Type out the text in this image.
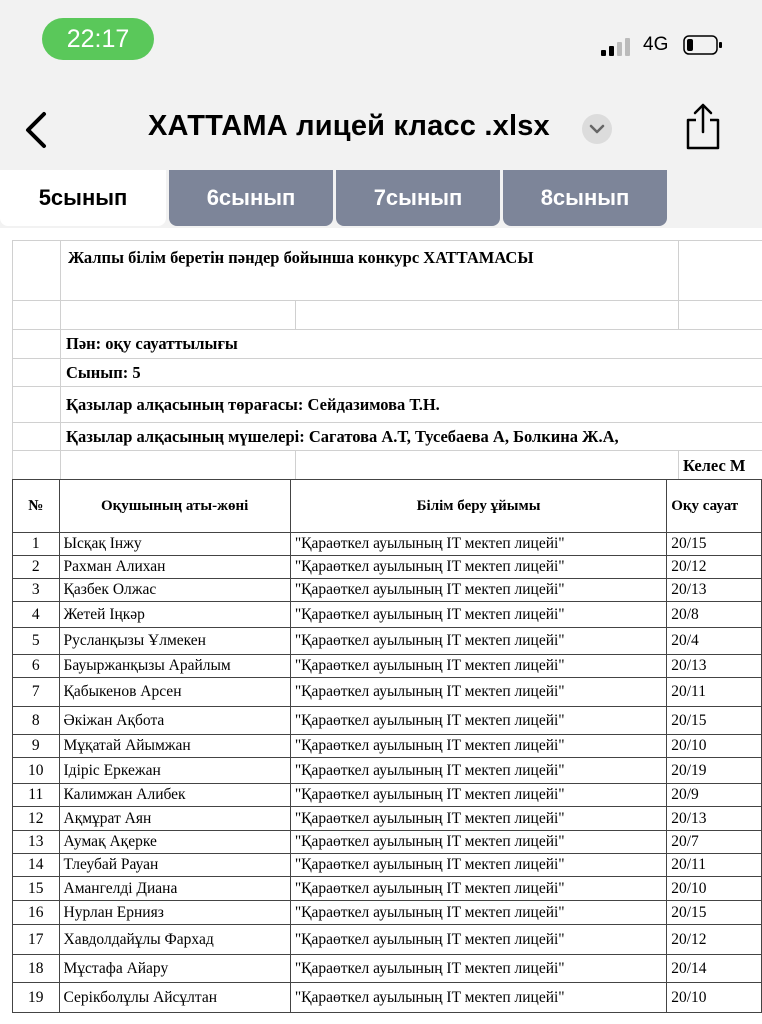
22:17	4G
ХАТТАМА лицей класс .xlsx
5сынып	6сынып	7сынып	8сынып
Жалпы білім беретін пәндер бойынша конкурс ХАТТАМАСЫ
Пән: оқу сауаттылығы
Сынып: 5
Қазылар алқасының төрағасы: Сейдазимова Т.Н.
Қазылар алқасының мүшелері: Сагатова А.Т, Тусебаева А, Болкина Ж.А,
Келес М
№	Оқушының аты-жөні	Білім беру ұйымы	Оқу сауат
1	Ысқақ Інжу	"Қараөткел ауылының IT мектеп лицейі"	20/15
2	Рахман Алихан	"Қараөткел ауылының IT мектеп лицейі"	20/12
3	Қазбек Олжас	"Қараөткел ауылының IT мектеп лицейі"	20/13
4	Жетей Іңкәр	"Қараөткел ауылының IT мектеп лицейі"	20/8
5	Русланқызы Ұлмекен	"Қараөткел ауылының IT мектеп лицейі"	20/4
6	Бауыржанқызы Арайлым	"Қараөткел ауылының IT мектеп лицейі"	20/13
7	Қабыкенов Арсен	"Қараөткел ауылының IT мектеп лицейі"	20/11
8	Әкіжан Ақбота	"Қараөткел ауылының IT мектеп лицейі"	20/15
9	Мұқатай Айымжан	"Қараөткел ауылының IT мектеп лицейі"	20/10
10	Ідіріс Еркежан	"Қараөткел ауылының IT мектеп лицейі"	20/19
11	Калимжан Алибек	"Қараөткел ауылының IT мектеп лицейі"	20/9
12	Ақмұрат Аян	"Қараөткел ауылының IT мектеп лицейі"	20/13
13	Аумақ Ақерке	"Қараөткел ауылының IT мектеп лицейі"	20/7
14	Тлеубай Рауан	"Қараөткел ауылының IT мектеп лицейі"	20/11
15	Амангелді Диана	"Қараөткел ауылының IT мектеп лицейі"	20/10
16	Нурлан Ернияз	"Қараөткел ауылының IT мектеп лицейі"	20/15
17	Хавдолдайұлы Фархад	"Қараөткел ауылының IT мектеп лицейі"	20/12
18	Мұстафа Айару	"Қараөткел ауылының IT мектеп лицейі"	20/14
19	Серікболұлы Айсұлтан	"Қараөткел ауылының IT мектеп лицейі"	20/10
